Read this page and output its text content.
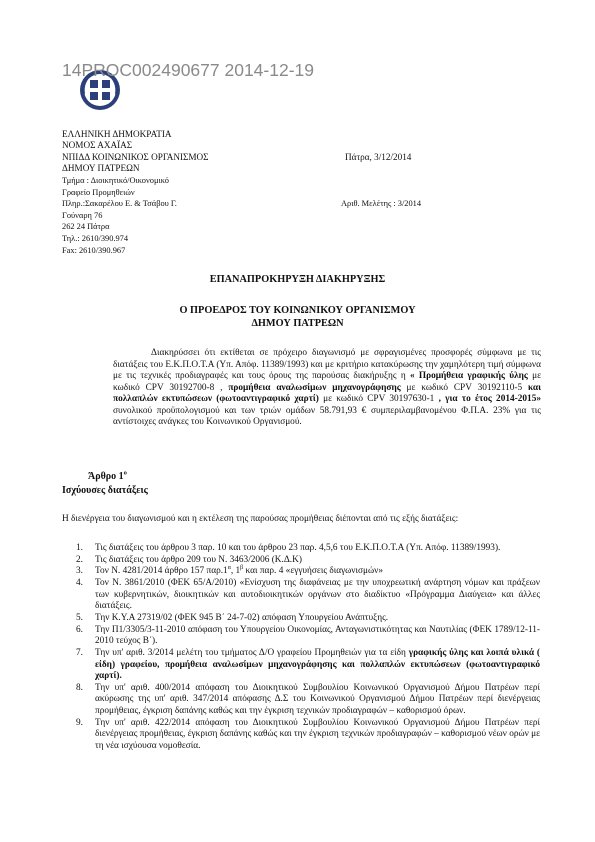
14PROC002490677 2014-12-19
ΕΛΛΗΝΙΚΗ ΔΗΜΟΚΡΑΤΙΑ
ΝΟΜΟΣ ΑΧΑΪΑΣ
ΝΠΙΔΔ ΚΟΙΝΩΝΙΚΟΣ ΟΡΓΑΝΙΣΜΟΣ
ΔΗΜΟΥ ΠΑΤΡΕΩΝ
Τμήμα : Διοικητικό/Οικονομικό
Γραφείο Προμηθειών
Πληρ.:Σακαρέλου Ε. & Τσάβου Γ.
Γούναρη 76
262 24 Πάτρα
Τηλ.: 2610/390.974
Fax: 2610/390.967
Πάτρα, 3/12/2014
Αριθ. Μελέτης : 3/2014
ΕΠΑΝΑΠΡΟΚΗΡΥΞΗ ΔΙΑΚΗΡΥΞΗΣ
Ο ΠΡΟΕΔΡΟΣ ΤΟΥ ΚΟΙΝΩΝΙΚΟΥ ΟΡΓΑΝΙΣΜΟΥ
ΔΗΜΟΥ ΠΑΤΡΕΩΝ
Διακηρύσσει ότι εκτίθεται σε πρόχειρο διαγωνισμό με σφραγισμένες προσφορές σύμφωνα με τις διατάξεις του Ε.Κ.Π.Ο.Τ.Α (Υπ. Απόφ. 11389/1993) και με κριτήριο κατακύρωσης την χαμηλότερη τιμή σύμφωνα με τις τεχνικές προδιαγραφές και τους όρους της παρούσας διακήρυξης η « Προμήθεια γραφικής ύλης με κωδικό CPV 30192700-8 , προμήθεια αναλωσίμων μηχανογράφησης με κωδικό CPV 30192110-5 και πολλαπλών εκτυπώσεων (φωτοαντιγραφικό χαρτί) με κωδικό CPV 30197630-1 , για το έτος 2014-2015» συνολικού προϋπολογισμού και των τριών ομάδων 58.791,93 € συμπεριλαμβανομένου Φ.Π.Α. 23% για τις αντίστοιχες ανάγκες του Κοινωνικού Οργανισμού.
Άρθρο $1^o$
Ισχύουσες διατάξεις
Η διενέργεια του διαγωνισμού και η εκτέλεση της παρούσας προμήθειας διέπονται από τις εξής διατάξεις:
1. Τις διατάξεις του άρθρου 3 παρ. 10 και του άρθρου 23 παρ. 4,5,6 του Ε.Κ.Π.Ο.Τ.Α (Υπ. Απόφ. 11389/1993).
2. Τις διατάξεις του άρθρο 209 του Ν. 3463/2006 (Κ.Δ.Κ)
3. Τον Ν. 4281/2014 άρθρο 157 $\pi\alpha\rho.1^\alpha$, $1^\beta$ και παρ. 4 «εγγυήσεις διαγωνισμών»
4. Τον Ν. 3861/2010 (ΦΕΚ 65/Α/2010) «Ενίσχυση της διαφάνειας με την υποχρεωτική ανάρτηση νόμων και πράξεων των κυβερνητικών, διοικητικών και αυτοδιοικητικών οργάνων στο διαδίκτυο «Πρόγραμμα Διαύγεια» και άλλες διατάξεις.
5. Την Κ.Υ.Α 27319/02 (ΦΕΚ 945 Β΄ 24-7-02) απόφαση Υπουργείου Ανάπτυξης.
6. Την Π1/3305/3-11-2010 απόφαση του Υπουργείου Οικονομίας, Ανταγωνιστικότητας και Ναυτιλίας (ΦΕΚ 1789/12-11-2010 τεύχος Β΄).
7. Την υπ' αριθ. 3/2014 μελέτη του τμήματος Δ/Ο γραφείου Προμηθειών για τα είδη γραφικής ύλης και λοιπά υλικά ( είδη) γραφείου, προμήθεια αναλωσίμων μηχανογράφησης και πολλαπλών εκτυπώσεων (φωτοαντιγραφικό χαρτί).
8. Την υπ' αριθ. 400/2014 απόφαση του Διοικητικού Συμβουλίου Κοινωνικού Οργανισμού Δήμου Πατρέων περί ακύρωσης της υπ' αριθ. 347/2014 απόφασης Δ.Σ του Κοινωνικού Οργανισμού Δήμου Πατρέων περί διενέργειας προμήθειας, έγκριση δαπάνης καθώς και την έγκριση τεχνικών προδιαγραφών – καθορισμού όρων.
9. Την υπ' αριθ. 422/2014 απόφαση του Διοικητικού Συμβουλίου Κοινωνικού Οργανισμού Δήμου Πατρέων περί διενέργειας προμήθειας, έγκριση δαπάνης καθώς και την έγκριση τεχνικών προδιαγραφών – καθορισμού νέων ορών με τη νέα ισχύουσα νομοθεσία.
